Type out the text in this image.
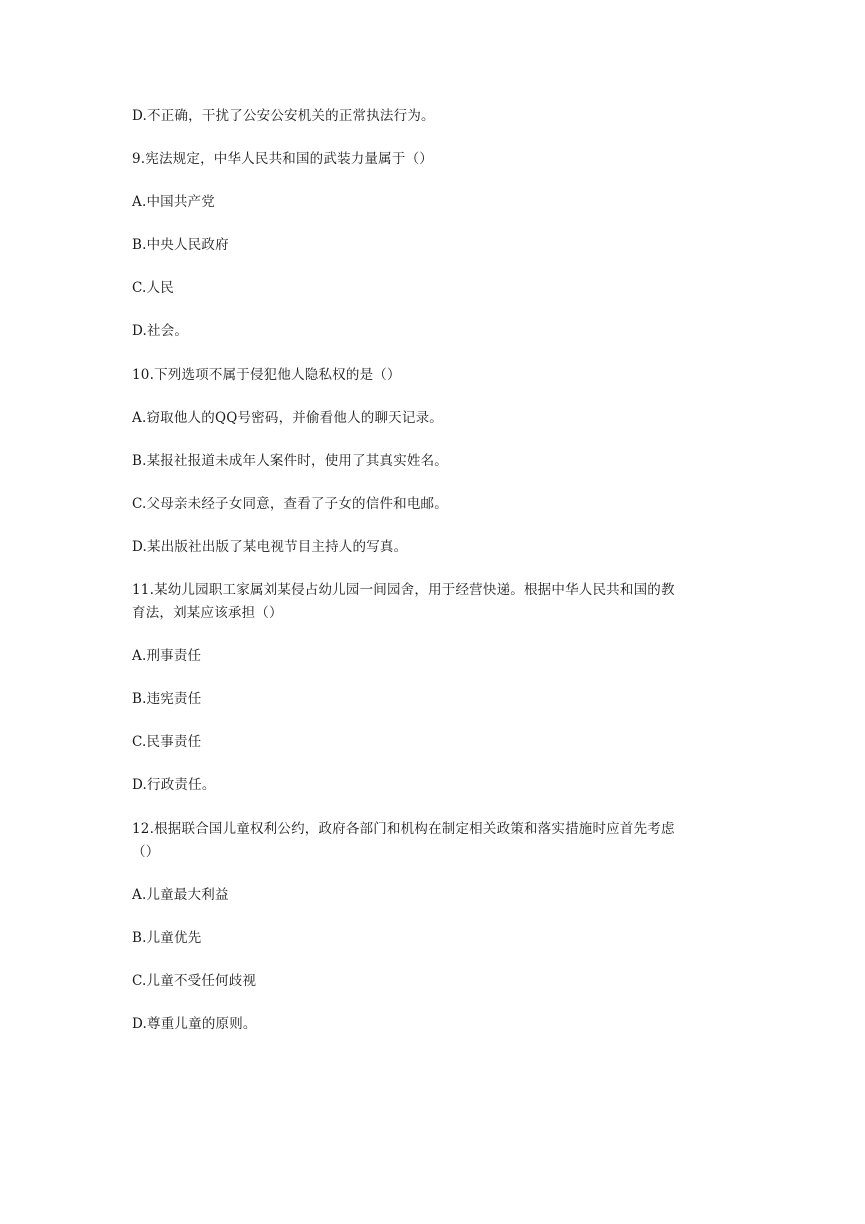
D.不正确，干扰了公安公安机关的正常执法行为。
9.宪法规定，中华人民共和国的武装力量属于（）
A.中国共产党
B.中央人民政府
C.人民
D.社会。
10.下列选项不属于侵犯他人隐私权的是（）
A.窃取他人的QQ号密码，并偷看他人的聊天记录。
B.某报社报道未成年人案件时，使用了其真实姓名。
C.父母亲未经子女同意，查看了子女的信件和电邮。
D.某出版社出版了某电视节目主持人的写真。
11.某幼儿园职工家属刘某侵占幼儿园一间园舍，用于经营快递。根据中华人民共和国的教
育法，刘某应该承担（）
A.刑事责任
B.违宪责任
C.民事责任
D.行政责任。
12.根据联合国儿童权利公约，政府各部门和机构在制定相关政策和落实措施时应首先考虑
（）
A.儿童最大利益
B.儿童优先
C.儿童不受任何歧视
D.尊重儿童的原则。
